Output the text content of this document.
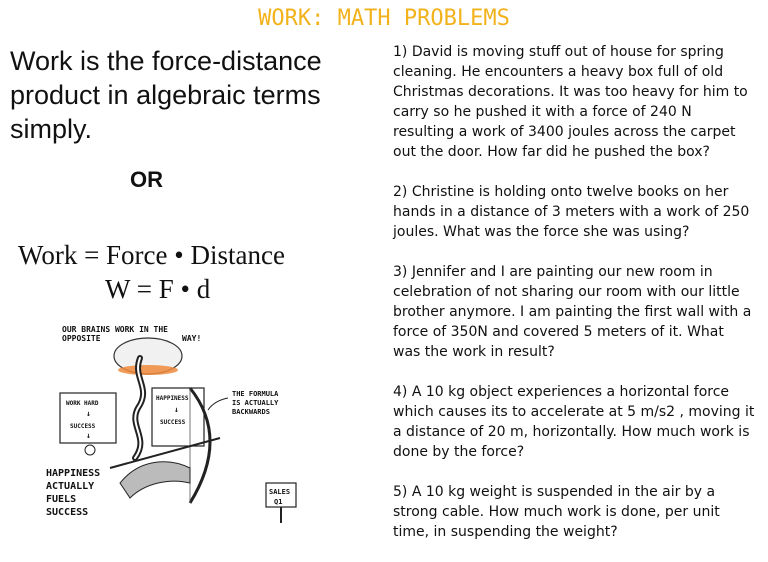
WORK: MATH PROBLEMS
Work is the force-distance product in algebraic terms simply.
OR
Work = Force • Distance
W = F • d
OUR BRAINS WORK IN THE
OPPOSITE	WAY!
WORK HARD
↓
SUCCESS
↓
HAPPINESS
↓
SUCCESS
THE FORMULA
IS ACTUALLY
BACKWARDS
SALES
Q1
HAPPINESS
ACTUALLY
FUELS
SUCCESS
1) David is moving stuff out of house for spring cleaning. He encounters a heavy box full of old Christmas decorations. It was too heavy for him to carry so he pushed it with a force of 240 N resulting a work of 3400 joules across the carpet out the door. How far did he pushed the box?
2) Christine is holding onto twelve books on her hands in a distance of 3 meters with a work of 250 joules. What was the force she was using?
3) Jennifer and I are painting our new room in celebration of not sharing our room with our little brother anymore. I am painting the first wall with a force of 350N and covered 5 meters of it. What was the work in result?
4) A 10 kg object experiences a horizontal force which causes its to accelerate at 5 m/s2 , moving it a distance of 20 m, horizontally. How much work is done by the force?
5) A 10 kg weight is suspended in the air by a strong cable. How much work is done, per unit time, in suspending the weight?
